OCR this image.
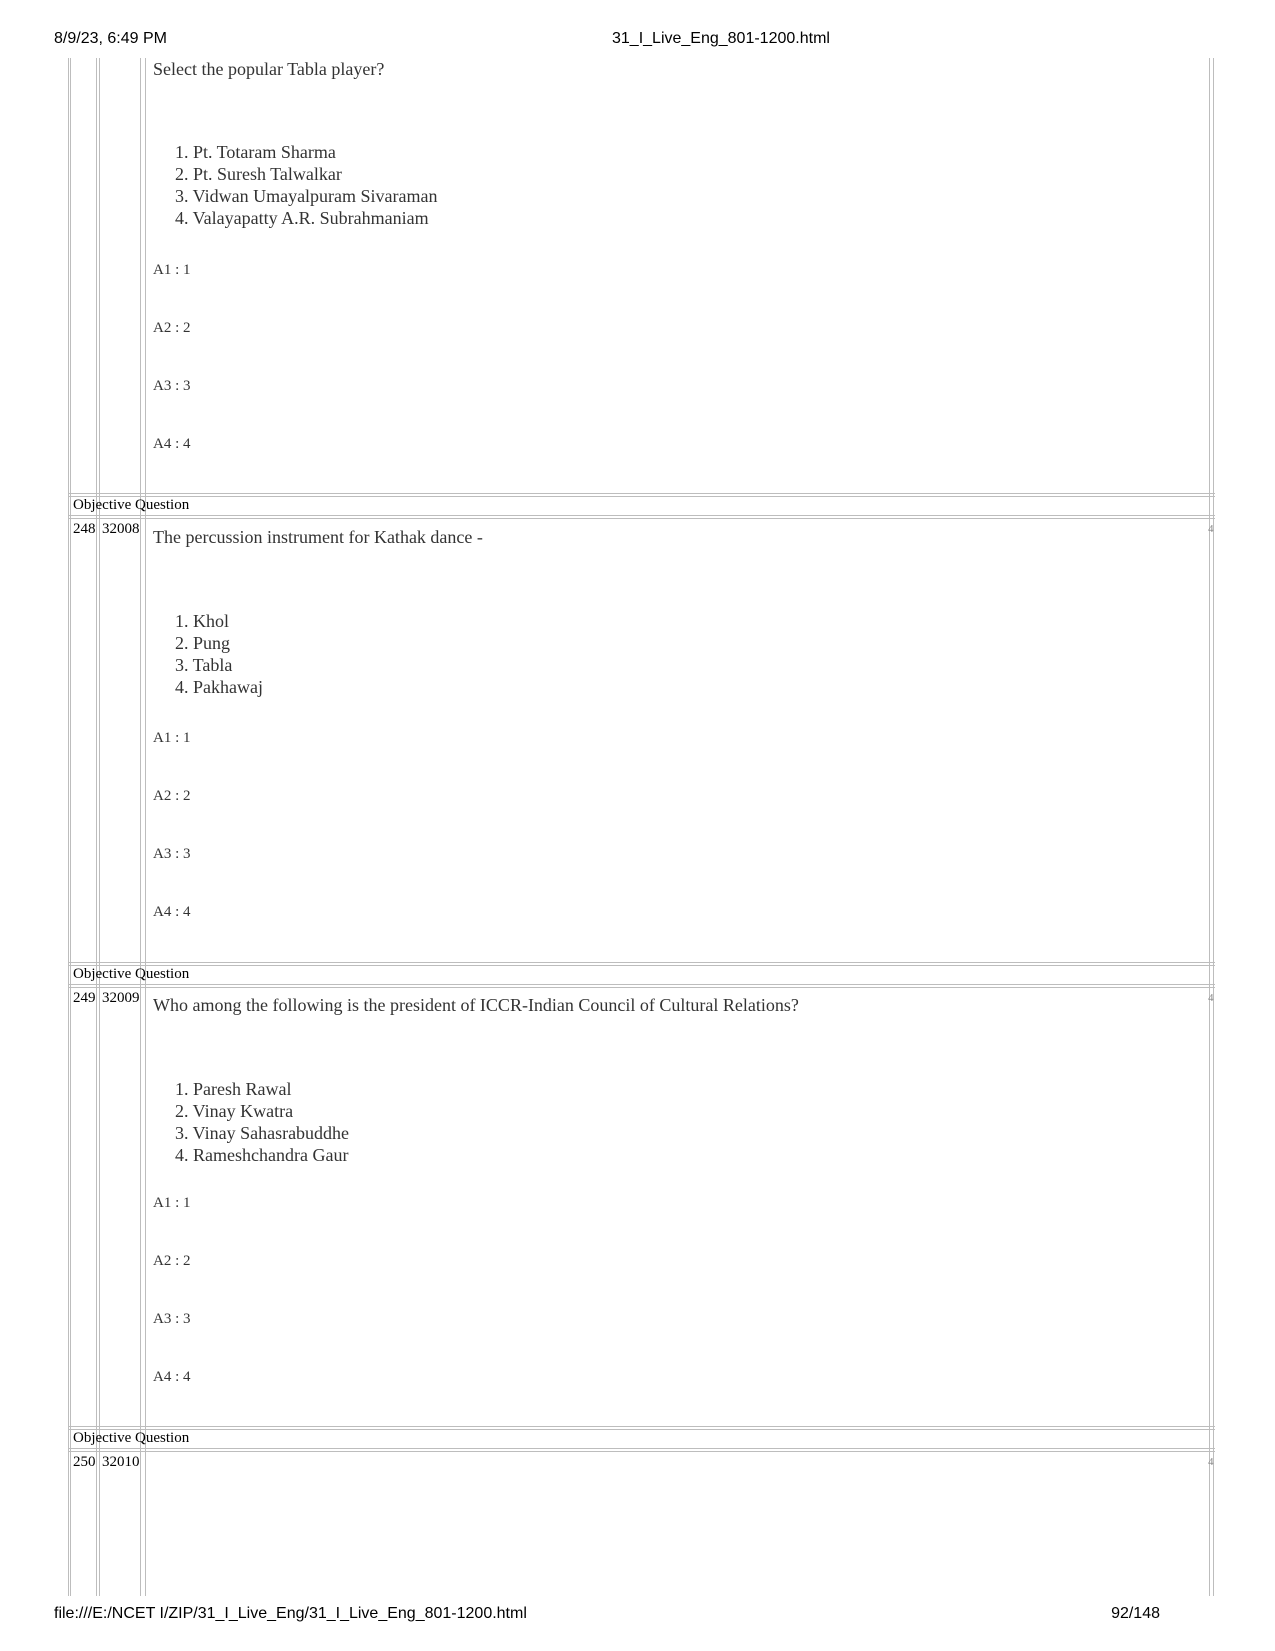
8/9/23, 6:49 PM	31_I_Live_Eng_801-1200.html
Select the popular Tabla player?
1. Pt. Totaram Sharma
2. Pt. Suresh Talwalkar
3. Vidwan Umayalpuram Sivaraman
4. Valayapatty A.R. Subrahmaniam
A1 : 1
A2 : 2
A3 : 3
A4 : 4
Objective Question
248 32008	4
The percussion instrument for Kathak dance -
1. Khol
2. Pung
3. Tabla
4. Pakhawaj
A1 : 1
A2 : 2
A3 : 3
A4 : 4
Objective Question
249 32009	4
Who among the following is the president of ICCR-Indian Council of Cultural Relations?
1. Paresh Rawal
2. Vinay Kwatra
3. Vinay Sahasrabuddhe
4. Rameshchandra Gaur
A1 : 1
A2 : 2
A3 : 3
A4 : 4
Objective Question
250 32010	4
file:///E:/NCET I/ZIP/31_I_Live_Eng/31_I_Live_Eng_801-1200.html	92/148
